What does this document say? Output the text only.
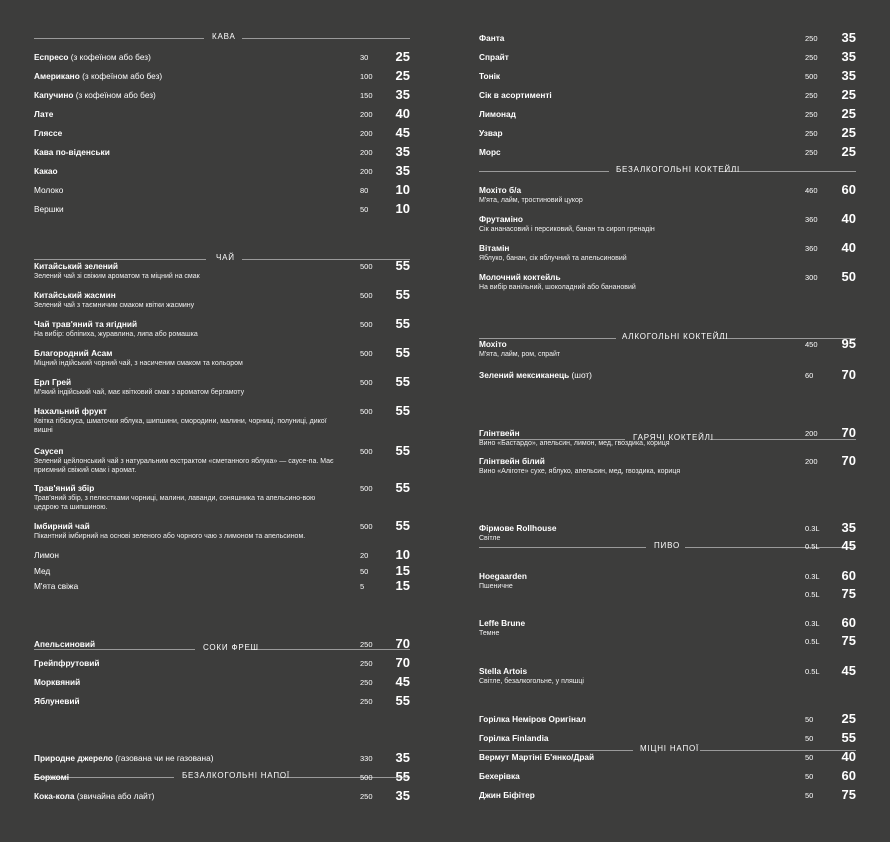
КАВА
Еспресо (з кофеїном або без)	30 25
Американо (з кофеїном або без)	100 25
Капучино (з кофеїном або без)	150 35
Лате	200 40
Гляссе	200 45
Кава по-віденськи	200 35
Какао	200 35
Молоко	80 10
Вершки	50 10
ЧАЙ
Китайський зелений
Зелений чай зі свіжим ароматом та міцний на смак
500 55
Китайський жасмин
Зелений чай з таємничим смаком квітки жасмину
500 55
Чай трав'яний та ягідний
На вибір: обліпиха, журавлина, липа або ромашка
500 55
Благородний Асам
Міцний індійський чорний чай, з насиченим смаком та кольором
500 55
Ерл Грей
М'який індійський чай, має квітковий смак з ароматом бергамоту
500 55
Нахальний фрукт
Квітка гібіскуса, шматочки яблука, шипшини, смородини, малини, чорниці, полуниці, дикої вишні
500 55
Саусеп
Зелений цейлонський чай з натуральним екстрактом «сметанного яблука» — саусе-па. Має приємний свіжий смак і аромат.
500 55
Трав'яний збір
Трав'яний збір, з пелюстками чорниці, малини, лаванди, соняшника та апельсино-вою цедрою та шипшиною.
500 55
Імбирний чай
Пікантний імбирний на основі зеленого або чорного чаю з лимоном та апельсином.
500 55
Лимон	20 10
Мед	50 15
М'ята свіжа	5 15
СОКИ ФРЕШ
Апельсиновий	250 70
Грейпфрутовий	250 70
Морквяний	250 45
Яблуневий	250 55
БЕЗАЛКОГОЛЬНІ НАПОЇ
Природне джерело (газована чи не газована)	330 35
Боржомі	500 55
Кока-кола (звичайна або лайт)	250 35
Фанта	250 35
Спрайт	250 35
Тонік	500 35
Сік в асортименті	250 25
Лимонад	250 25
Узвар	250 25
Морс	250 25
БЕЗАЛКОГОЛЬНІ КОКТЕЙЛІ
Мохіто б/а
М'ята, лайм, тростиновий цукор
460 60
Фрутаміно
Сік ананасовий і персиковий, банан та сироп гренадін
360 40
Вітамін
Яблуко, банан, сік яблучний та апельсиновий
360 40
Молочний коктейль
На вибір ванільний, шоколадний або банановий
300 50
АЛКОГОЛЬНІ КОКТЕЙЛІ
Мохіто
М'ята, лайм, ром, спрайт
450 95
Зелений мексиканець (шот)	60 70
ГАРЯЧІ КОКТЕЙЛІ
Глінтвейн
Вино «Бастардо», апельсин, лимон, мед, гвоздика, кориця
200 70
Глінтвейн білий
Вино «Аліготе» сухе, яблуко, апельсин, мед, гвоздика, кориця
200 70
ПИВО
Фірмове Rollhouse
Світле
0.3L 35
0.5L 45
Hoegaarden
Пшеничне
0.3L 60
0.5L 75
Leffe Brune
Темне
0.3L 60
0.5L 75
Stella Artois
Світле, безалкогольне, у пляшці
0.5L 45
МІЦНІ НАПОЇ
Горілка Неміров Оригінал	50 25
Горілка Finlandia	50 55
Вермут Мартіні Б'янко/Драй	50 40
Бехерівка	50 60
Джин Біфітер	50 75
